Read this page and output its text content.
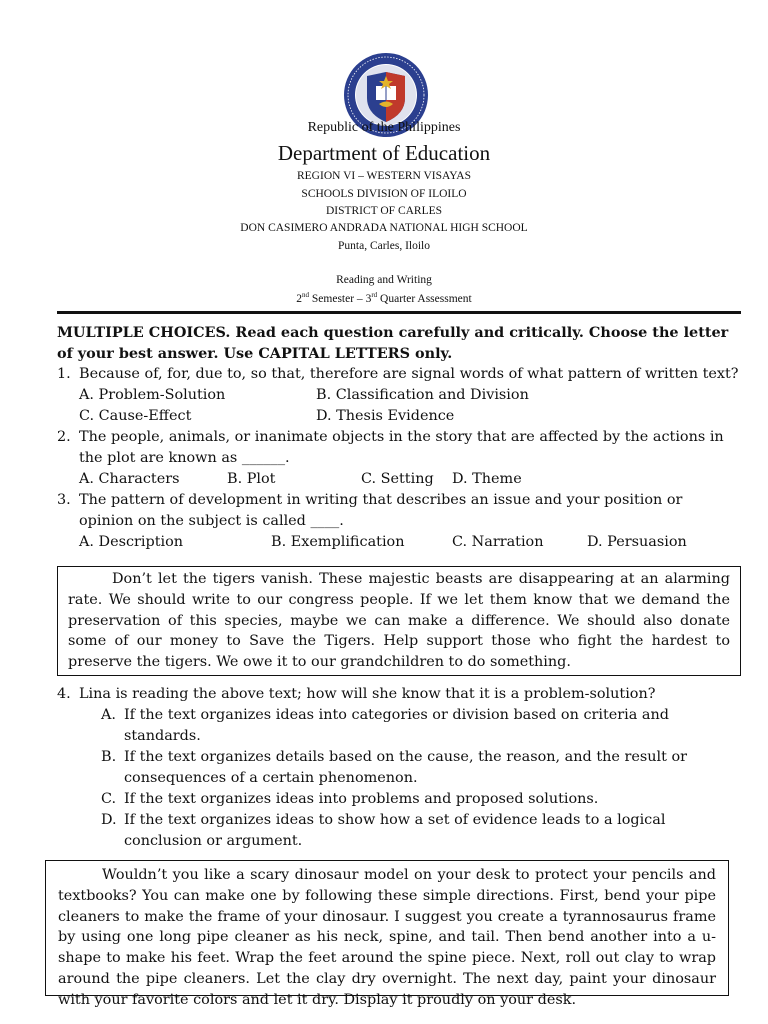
Republic of the Philippines
Department of Education
REGION VI – WESTERN VISAYAS
SCHOOLS DIVISION OF ILOILO
DISTRICT OF CARLES
DON CASIMERO ANDRADA NATIONAL HIGH SCHOOL
Punta, Carles, Iloilo
Reading and Writing
2nd Semester – 3rd Quarter Assessment

MULTIPLE CHOICES. Read each question carefully and critically. Choose the letter of your best answer. Use CAPITAL LETTERS only.

1. Because of, for, due to, so that, therefore are signal words of what pattern of written text?

A. Problem-Solution	B. Classification and Division
C. Cause-Effect	D. Thesis Evidence

2. The people, animals, or inanimate objects in the story that are affected by the actions in the plot are known as ______.

A. Characters	B. Plot	C. Setting D. Theme

3. The pattern of development in writing that describes an issue and your position or opinion on the subject is called ____.

A. Description	B. Exemplification	C. Narration	D. Persuasion

Don’t let the tigers vanish. These majestic beasts are disappearing at an alarming rate. We should write to our congress people. If we let them know that we demand the preservation of this species, maybe we can make a difference. We should also donate some of our money to Save the Tigers. Help support those who fight the hardest to preserve the tigers. We owe it to our grandchildren to do something.

4. Lina is reading the above text; how will she know that it is a problem-solution?

A. If the text organizes ideas into categories or division based on criteria and standards.

B. If the text organizes details based on the cause, the reason, and the result or consequences of a certain phenomenon.

C. If the text organizes ideas into problems and proposed solutions.

D. If the text organizes ideas to show how a set of evidence leads to a logical conclusion or argument.

Wouldn’t you like a scary dinosaur model on your desk to protect your pencils and textbooks? You can make one by following these simple directions. First, bend your pipe cleaners to make the frame of your dinosaur. I suggest you create a tyrannosaurus frame by using one long pipe cleaner as his neck, spine, and tail. Then bend another into a u-shape to make his feet. Wrap the feet around the spine piece. Next, roll out clay to wrap around the pipe cleaners. Let the clay dry overnight. The next day, paint your dinosaur with your favorite colors and let it dry. Display it proudly on your desk.
